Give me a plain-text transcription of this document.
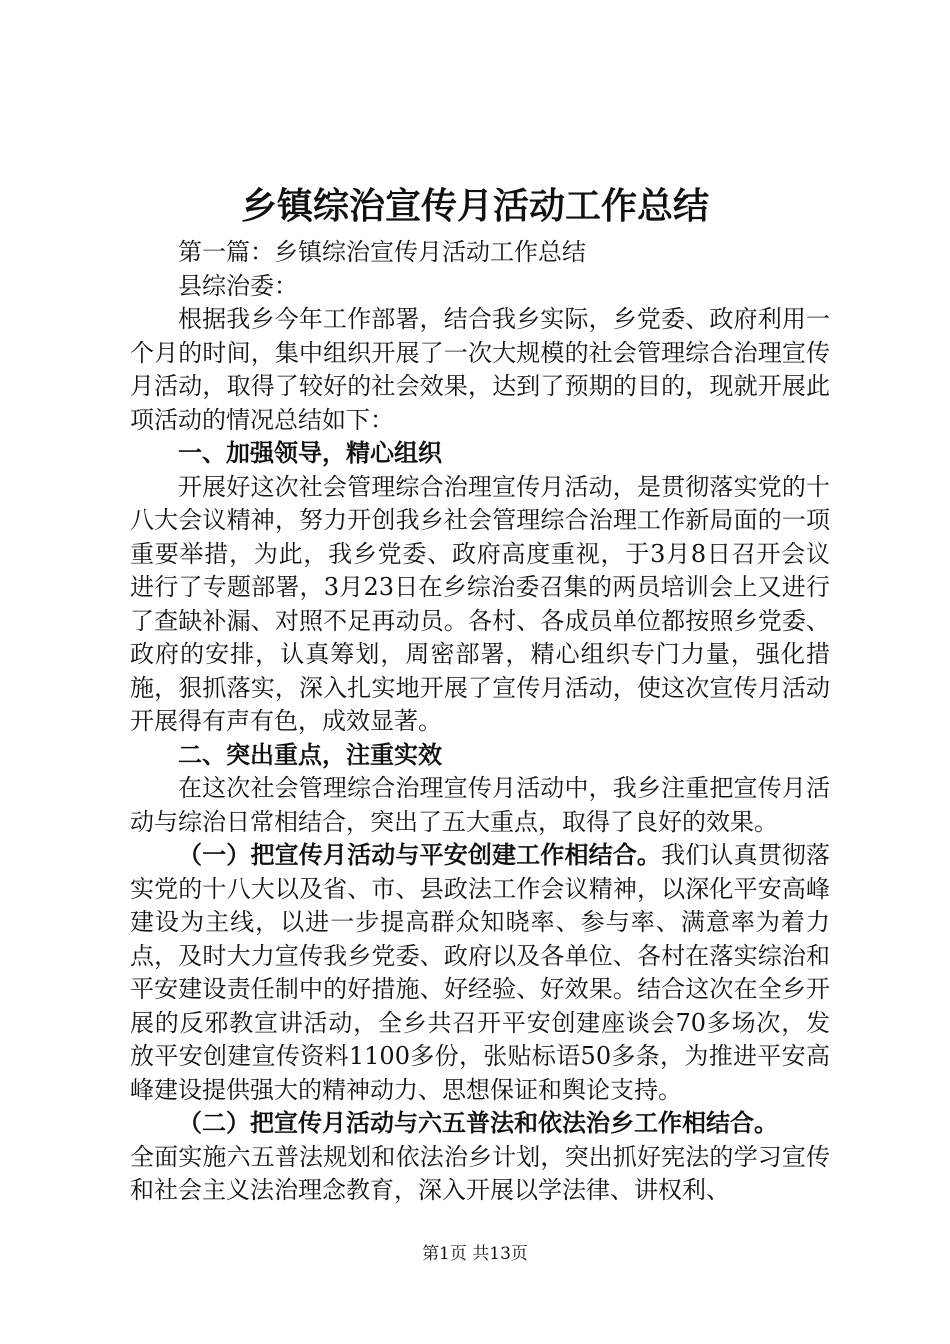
乡镇综治宣传月活动工作总结

第一篇：乡镇综治宣传月活动工作总结

县综治委：

根据我乡今年工作部署，结合我乡实际，乡党委、政府利用一个月的时间，集中组织开展了一次大规模的社会管理综合治理宣传月活动，取得了较好的社会效果，达到了预期的目的，现就开展此项活动的情况总结如下：

一、加强领导，精心组织

开展好这次社会管理综合治理宣传月活动，是贯彻落实党的十八大会议精神，努力开创我乡社会管理综合治理工作新局面的一项重要举措，为此，我乡党委、政府高度重视，于3月8日召开会议进行了专题部署，3月23日在乡综治委召集的两员培训会上又进行了查缺补漏、对照不足再动员。各村、各成员单位都按照乡党委、政府的安排，认真筹划，周密部署，精心组织专门力量，强化措施，狠抓落实，深入扎实地开展了宣传月活动，使这次宣传月活动开展得有声有色，成效显著。

二、突出重点，注重实效

在这次社会管理综合治理宣传月活动中，我乡注重把宣传月活动与综治日常相结合，突出了五大重点，取得了良好的效果。

（一）把宣传月活动与平安创建工作相结合。我们认真贯彻落实党的十八大以及省、市、县政法工作会议精神，以深化平安高峰建设为主线，以进一步提高群众知晓率、参与率、满意率为着力点，及时大力宣传我乡党委、政府以及各单位、各村在落实综治和平安建设责任制中的好措施、好经验、好效果。结合这次在全乡开展的反邪教宣讲活动，全乡共召开平安创建座谈会70多场次，发放平安创建宣传资料1100多份，张贴标语50多条，为推进平安高峰建设提供强大的精神动力、思想保证和舆论支持。

（二）把宣传月活动与六五普法和依法治乡工作相结合。

全面实施六五普法规划和依法治乡计划，突出抓好宪法的学习宣传和社会主义法治理念教育，深入开展以学法律、讲权利、

第1页 共13页
